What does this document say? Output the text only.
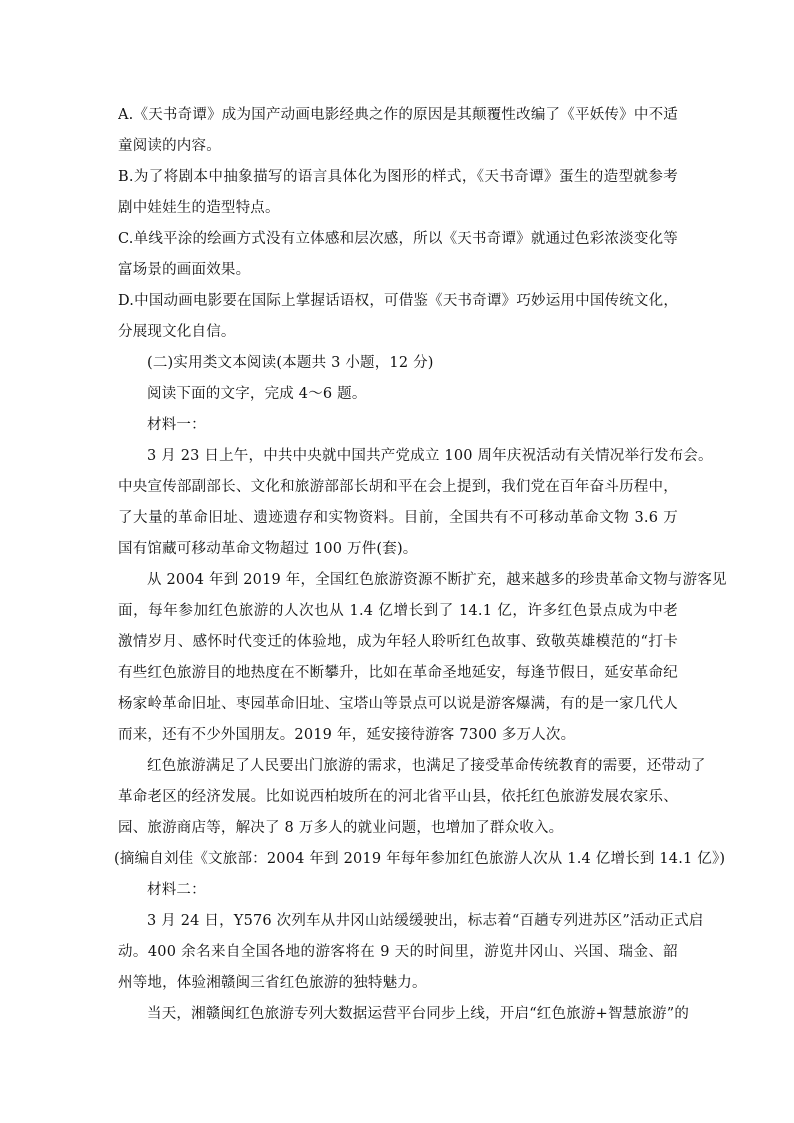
A.《天书奇谭》成为国产动画电影经典之作的原因是其颠覆性改编了《平妖传》中不适
童阅读的内容。
B.为了将剧本中抽象描写的语言具体化为图形的样式，《天书奇谭》蛋生的造型就参考
剧中娃娃生的造型特点。
C.单线平涂的绘画方式没有立体感和层次感，所以《天书奇谭》就通过色彩浓淡变化等
富场景的画面效果。
D.中国动画电影要在国际上掌握话语权，可借鉴《天书奇谭》巧妙运用中国传统文化，
分展现文化自信。
(二)实用类文本阅读(本题共 3 小题，12 分)
阅读下面的文字，完成 4～6 题。
材料一：
3 月 23 日上午，中共中央就中国共产党成立 100 周年庆祝活动有关情况举行发布会。
中央宣传部副部长、文化和旅游部部长胡和平在会上提到，我们党在百年奋斗历程中，
了大量的革命旧址、遗迹遗存和实物资料。目前，全国共有不可移动革命文物 3.6 万
国有馆藏可移动革命文物超过 100 万件(套)。
从 2004 年到 2019 年，全国红色旅游资源不断扩充，越来越多的珍贵革命文物与游客见
面，每年参加红色旅游的人次也从 1.4 亿增长到了 14.1 亿，许多红色景点成为中老
激情岁月、感怀时代变迁的体验地，成为年轻人聆听红色故事、致敬英雄模范的“打卡
有些红色旅游目的地热度在不断攀升，比如在革命圣地延安，每逢节假日，延安革命纪
杨家岭革命旧址、枣园革命旧址、宝塔山等景点可以说是游客爆满，有的是一家几代人
而来，还有不少外国朋友。2019 年，延安接待游客 7300 多万人次。
红色旅游满足了人民要出门旅游的需求，也满足了接受革命传统教育的需要，还带动了
革命老区的经济发展。比如说西柏坡所在的河北省平山县，依托红色旅游发展农家乐、
园、旅游商店等，解决了 8 万多人的就业问题，也增加了群众收入。
(摘编自刘佳《文旅部：2004 年到 2019 年每年参加红色旅游人次从 1.4 亿增长到 14.1 亿》)
材料二：
3 月 24 日，Y576 次列车从井冈山站缓缓驶出，标志着“百趟专列进苏区”活动正式启
动。400 余名来自全国各地的游客将在 9 天的时间里，游览井冈山、兴国、瑞金、韶
州等地，体验湘赣闽三省红色旅游的独特魅力。
当天，湘赣闽红色旅游专列大数据运营平台同步上线，开启“红色旅游+智慧旅游”的
